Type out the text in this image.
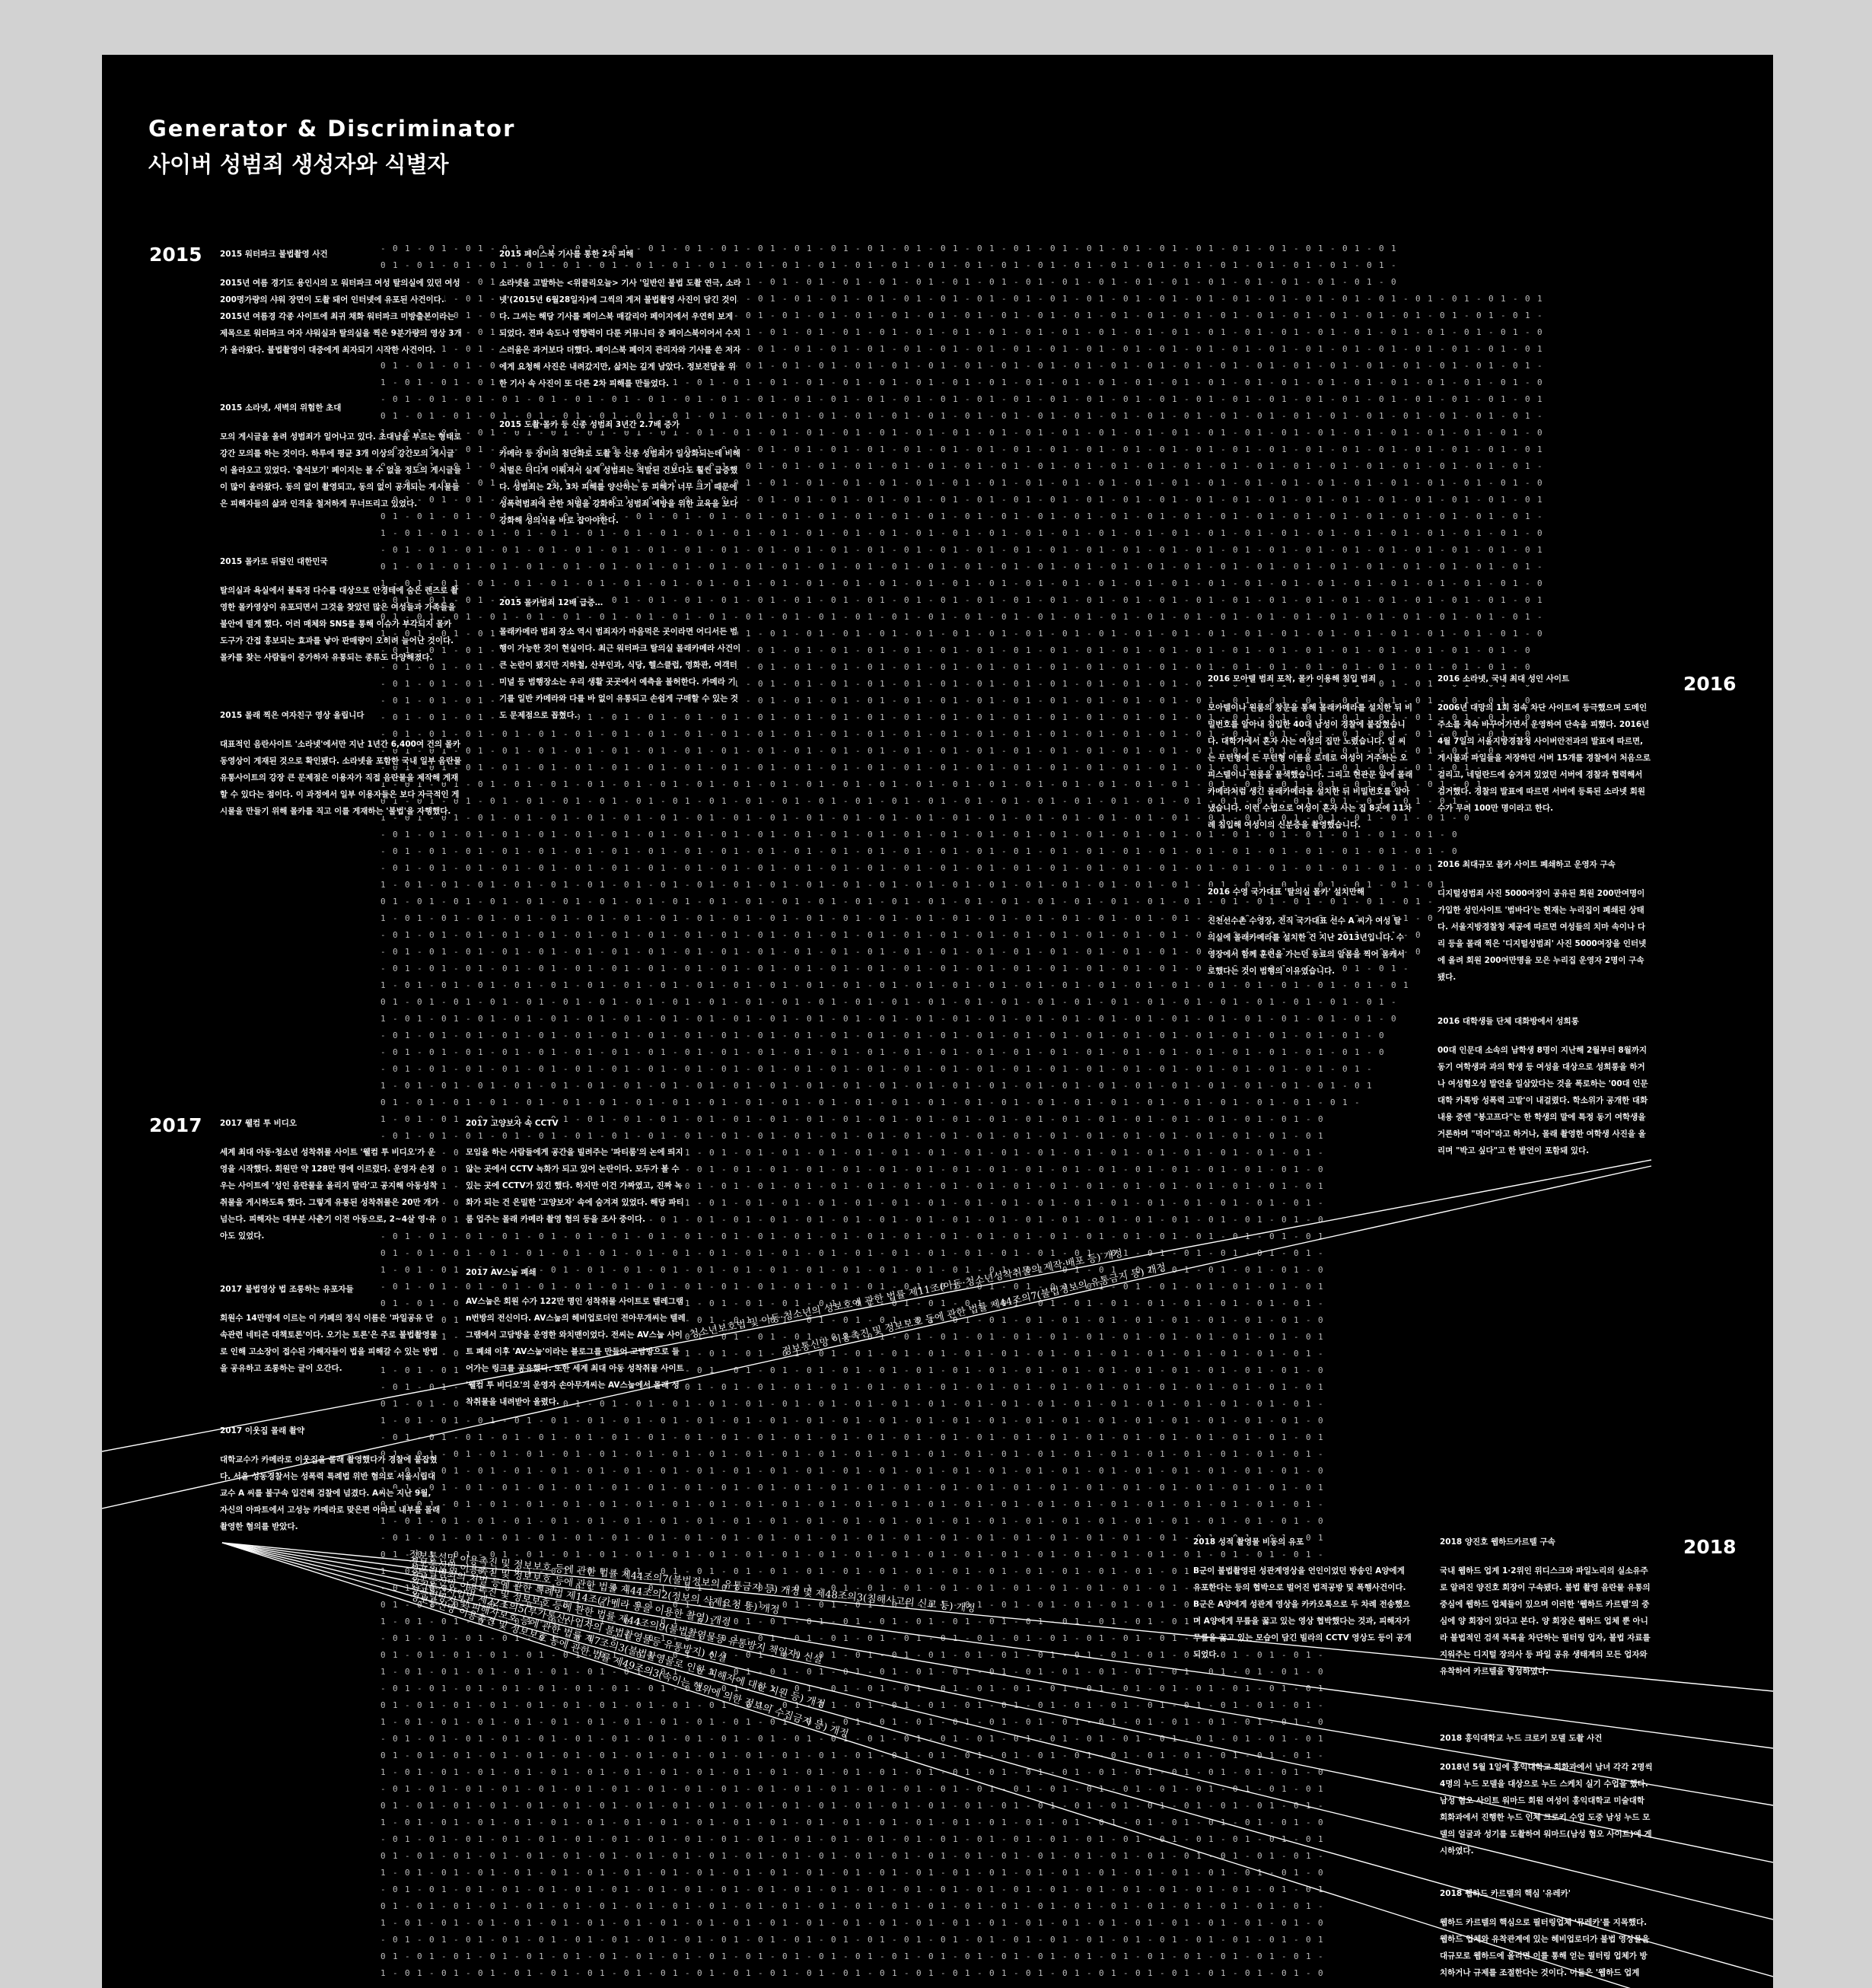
- 0 1 - 0 1 - 0 1 -	- 0 1 - 0 1 - 0 1 - 0 1 - 0 1 - 0 1 - 0 1 - 0 1 - 0 1 - 0 1 - 0 1 - 0 1 - 0 1 - 0 1 - 0 1 - 0 1 - 0 1 - 0 1 - 0 1 - 0 1 - 0 1
0 1 - 0 1 - 0 1 - 0 1 - 0 1 - 0 1 - 0 1 - 0 1 - 0 1 - 0 1 - 0 1 - 0 1 - 0 1 - 0 1 - 0 1 - 0 1 - 0 1 - 0 1 - 0 1 - 0 1 - 0 1 - 0 1 - 0 1 - 0 1 - 0 1 - 0 1 - 0 1 - 0 1 -
- 0 1	1 - 0 1 - 0 1 - 0 1 - 0 1 - 0 1 - 0 1 - 0 1 - 0 1 - 0 1 - 0 1 - 0 1 - 0 1 - 0 1 - 0 1 - 0 1 - 0 1 - 0 1 - 0
- 0 1 -	- 0 1 - 0 1 - 0 1 - 0 1 - 0 1 - 0 1 - 0 1 - 0 1 - 0 1 - 0 1 - 0 1 - 0 1 - 0 1 - 0 1 - 0 1 - 0 1 - 0 1 - 0 1 - 0 1 - 0 1 - 0 1 - 0 1
0 1 - 0	- 0 1 - 0 1 - 0 1 - 0 1 - 0 1 - 0 1 - 0 1 - 0 1 - 0 1 - 0 1 - 0 1 - 0 1 - 0 1 - 0 1 - 0 1 - 0 1 - 0 1 - 0 1 - 0 1 - 0 1 - 0 1 - 0 1 -
- 0 1	1 - 0 1 - 0 1 - 0 1 - 0 1 - 0 1 - 0 1 - 0 1 - 0 1 - 0 1 - 0 1 - 0 1 - 0 1 - 0 1 - 0 1 - 0 1 - 0 1 - 0 1 - 0 1 - 0 1 - 0 1 - 0 1 - 0
1 - 0 1 -	- 0 1 - 0 1 - 0 1 - 0 1 - 0 1 - 0 1 - 0 1 - 0 1 - 0 1 - 0 1 - 0 1 - 0 1 - 0 1 - 0 1 - 0 1 - 0 1 - 0 1 - 0 1 - 0 1 - 0 1 - 0 1 - 0 1
0 1 - 0 1 - 0 1 - 0	- 0 1 - 0 1 - 0 1 - 0 1 - 0 1 - 0 1 - 0 1 - 0 1 - 0 1 - 0 1 - 0 1 - 0 1 - 0 1 - 0 1 - 0 1 - 0 1 - 0 1 - 0 1 - 0 1 - 0 1 - 0 1 - 0 1 -
1 - 0 1 - 0 1 - 0 1	1 - 0 1 - 0 1 - 0 1 - 0 1 - 0 1 - 0 1 - 0 1 - 0 1 - 0 1 - 0 1 - 0 1 - 0 1 - 0 1 - 0 1 - 0 1 - 0 1 - 0 1 - 0 1 - 0 1 - 0 1 - 0 1 - 0 1 - 0 1 - 0
- 0 1 - 0 1 - 0 1 - 0 1 - 0 1 - 0 1 - 0 1 - 0 1 - 0 1 - 0 1 - 0 1 - 0 1 - 0 1 - 0 1 - 0 1 - 0 1 - 0 1 - 0 1 - 0 1 - 0 1 - 0 1 - 0 1 - 0 1 - 0 1 - 0 1 - 0 1 - 0 1 - 0 1 - 0 1 - 0 1 - 0 1 - 0 1
0 1 - 0 1 - 0 1 - 0 1 - 0 1 - 0 1 - 0 1 - 0 1 - 0 1 - 0 1 - 0 1 - 0 1 - 0 1 - 0 1 - 0 1 - 0 1 - 0 1 - 0 1 - 0 1 - 0 1 - 0 1 - 0 1 - 0 1 - 0 1 - 0 1 - 0 1 - 0 1 - 0 1 - 0 1 - 0 1 - 0 1 - 0 1 -
- 0 1 - 0 1 - 0 1 - 0 1 - 0 1 - 0 1 - 0 1 - 0 1 - 0 1 - 0 1 - 0 1 - 0 1 - 0 1 - 0 1 - 0 1 - 0 1 - 0 1 - 0 1 - 0 1 - 0 1 - 0 1 - 0 1 - 0 1 - 0 1 - 0 1 - 0 1 - 0 1 - 0 1 - 0 1 - 0
- 0 1 -	- 0 1 - 0 1 - 0 1 - 0 1 - 0 1 - 0 1 - 0 1 - 0 1 - 0 1 - 0 1 - 0 1 - 0 1 - 0 1 - 0 1 - 0 1 - 0 1 - 0 1 - 0 1 - 0 1 - 0 1 - 0 1 - 0 1
1 - 0	0 1 - 0 1 - 0 1 - 0 1 - 0 1 - 0 1 - 0 1 - 0 1 - 0 1 - 0 1 - 0 1 - 0 1 - 0 1 - 0 1 - 0 1 - 0 1 - 0 1 - 0 1 - 0 1 - 0 1 - 0 1 - 0 1 -
- 0 1	1 - 0 1 - 0 1 - 0 1 - 0 1 - 0 1 - 0 1 - 0 1 - 0 1 - 0 1 - 0 1 - 0 1 - 0 1 - 0 1 - 0 1 - 0 1 - 0 1 - 0 1 - 0 1 - 0 1 - 0 1 - 0 1 - 0
- 0 1 - 0 1 -	- 0 1 - 0 1 - 0 1 - 0 1 - 0 1 - 0 1 - 0 1 - 0 1 - 0 1 - 0 1 - 0 1 - 0 1 - 0 1 - 0 1 - 0 1 - 0 1 - 0 1 - 0 1 - 0 1 - 0 1 - 0 1 - 0 1
0 1 - 0 1 - 0 1 - 0	- 0 1 - 0 1 - 0 1 - 0 1 - 0 1 - 0 1 - 0 1 - 0 1 - 0 1 - 0 1 - 0 1 - 0 1 - 0 1 - 0 1 - 0 1 - 0 1 - 0 1 - 0 1 - 0 1 - 0 1 - 0 1 - 0 1 - 0 1 - 0 1 - 0 1 -
1 - 0 1 - 0 1 - 0 1 - 0 1 - 0 1 - 0 1 - 0 1 - 0 1 - 0 1 - 0 1 - 0 1 - 0 1 - 0 1 - 0 1 - 0 1 - 0 1 - 0 1 - 0 1 - 0 1 - 0 1 - 0 1 - 0 1 - 0 1 - 0 1 - 0 1 - 0 1 - 0 1 - 0 1 - 0 1 - 0 1 - 0 1 - 0
- 0 1 - 0 1 - 0 1 - 0 1 - 0 1 - 0 1 - 0 1 - 0 1 - 0 1 - 0 1 - 0 1 - 0 1 - 0 1 - 0 1 - 0 1 - 0 1 - 0 1 - 0 1 - 0 1 - 0 1 - 0 1 - 0 1 - 0 1 - 0 1 - 0 1 - 0 1 - 0 1 - 0 1 - 0 1 - 0 1 - 0 1 - 0 1
0 1 - 0 1 - 0 1 - 0 1 - 0 1 - 0 1 - 0 1 - 0 1 - 0 1 - 0 1 - 0 1 - 0 1 - 0 1 - 0 1 - 0 1 - 0 1 - 0 1 - 0 1 - 0 1 - 0 1 - 0 1 - 0 1 - 0 1 - 0 1 - 0 1 - 0 1 - 0 1 - 0 1 - 0 1 - 0 1 - 0 1 - 0 1 -
1 - 0 1 - 0 1 - 0 1 - 0 1 - 0 1 - 0 1 - 0 1 - 0 1 - 0 1 - 0 1 - 0 1 - 0 1 - 0 1 - 0 1 - 0 1 - 0 1 - 0 1 - 0 1 - 0 1 - 0 1 - 0 1 - 0 1 - 0 1 - 0 1 - 0 1 - 0 1 - 0 1 - 0 1 - 0 1 - 0 1 - 0 1 - 0
- 0 1 - 0 1 - 0 1 -	0 1 - 0 1 - 0 1 - 0 1 - 0 1 - 0 1 - 0 1 - 0 1 - 0 1 - 0 1 - 0 1 - 0 1 - 0 1 - 0 1 - 0 1 - 0 1 - 0 1 - 0 1 - 0 1 - 0 1 - 0 1 - 0 1 - 0 1 - 0 1 - 0 1 - 0 1
0 1 - 0 1 - 0 1 - 0 1 - 0 1 - 0 1 - 0 1 - 0 1 - 0 1 - 0 1 - 0 1 - 0 1 - 0 1 - 0 1 - 0 1 - 0 1 - 0 1 - 0 1 - 0 1 - 0 1 - 0 1 - 0 1 - 0 1 - 0 1 - 0 1 - 0 1 - 0 1 - 0 1 - 0 1 - 0 1 - 0 1 - 0 1 -
1 - 0 1 - 0 1 - 0 1	1 - 0 1 - 0 1 - 0 1 - 0 1 - 0 1 - 0 1 - 0 1 - 0 1 - 0 1 - 0 1 - 0 1 - 0 1 - 0 1 - 0 1 - 0 1 - 0 1 - 0 1 - 0 1 - 0 1 - 0 1 - 0 1 - 0
- 0 1 - 0 1 - 0 1 -	- 0 1 - 0 1 - 0 1 - 0 1 - 0 1 - 0 1 - 0 1 - 0 1 - 0 1 - 0 1 - 0 1 - 0 1 - 0 1 - 0 1 - 0 1 - 0 1 - 0 1 - 0 1 - 0 1 - 0 1 - 0 1 - 0
- 0 1 - 0 1 - 0 1 -	- 0 1 - 0 1 - 0 1 - 0 1 - 0 1 - 0 1 - 0 1 - 0 1 - 0 1 - 0 1 - 0 1 - 0 1 - 0 1 - 0 1 - 0 1 - 0 1 - 0 1 - 0 1 - 0 1 - 0 1 - 0 1 - 0
- 0 1 - 0 1 - 0 1 -	1 - 0 1 - 0 1 - 0 1 - 0 1 - 0 1 - 0 1 - 0 1 - 0 1 - 0 1 - 0 1 - 0 1 - 0 1 - 0	0 1 - 0 1
- 0 1 - 0 1 - 0 1 -	- 0 1 - 0 1 - 0 1 - 0 1 - 0 1 - 0 1 - 0 1 - 0 1 - 0 1 - 0 1 - 0 1 - 0 1 - 0 1 - 0 1 - 0 1 - 0 1 - 0 1 - 0 1 - 0 1 - 0 1 - 0 1 - 0
- 0 1 - 0 1 - 0 1 -	0 1 - 0 1 - 0 1 - 0 1 - 0 1 - 0 1 - 0 1 - 0 1 - 0 1 - 0 1 - 0 1 - 0 1 - 0 1 - 0 1 - 0 1 - 0 1 - 0 1 - 0 1 - 0 1 - 0 1 - 0 1 - 0 1 - 0 1 - 0 1 - 0 1 - 0 1 - 0
- 0 1 - 0 1 - 0 1 - 0 1 - 0 1 - 0 1 - 0 1 - 0 1 - 0 1 - 0 1 - 0 1 - 0 1 - 0 1 - 0 1 - 0 1 - 0 1 - 0 1 - 0 1 - 0 1 - 0 1 - 0 1 - 0 1 - 0 1 - 0 1 - 0 1 - 0 1 - 0 1 - 0 1 - 0 1 - 0 1 - 0 1 - 0
- 0 1 - 0 1 - 0 1 - 0 1 - 0 1 - 0 1 - 0 1 - 0 1 - 0 1 - 0 1 - 0 1 - 0 1 - 0 1 - 0 1 - 0 1 - 0 1 - 0 1 - 0 1 - 0 1 - 0 1 - 0 1 - 0 1 - 0 1 - 0 1 - 0 1 - 0 1 - 0 1 - 0 1 - 0 1 - 0 1 - 0
- 0 1 - 0 1 - 0 1 - 0 1 - 0 1 - 0 1 - 0 1 - 0 1 - 0 1 - 0 1 - 0 1 - 0 1 - 0 1 - 0 1 - 0 1 - 0 1 - 0 1 - 0 1 - 0 1 - 0 1 - 0 1 - 0 1 - 0 1 - 0 1 - 0 1 - 0 1 - 0 1 - 0 1 - 0 1 - 0 1 -
1 - 0 1 - 0 1 - 0 1 - 0 1 - 0 1 - 0 1 - 0 1 - 0 1 - 0 1 - 0 1 - 0 1 - 0 1 - 0 1 - 0 1 - 0 1 - 0 1 - 0 1 - 0 1 - 0 1 - 0 1 - 0 1 - 0 1 - 0 1 - 0 1 - 0 1 - 0 1 - 0 1 - 0 1 - 0 1 - 0 1
0 1 - 0 1 - 0 1 - 0 1 - 0 1 - 0 1 - 0 1 - 0 1 - 0 1 - 0 1 - 0 1 - 0 1 - 0 1 - 0 1 - 0 1 - 0 1 - 0 1 - 0 1 - 0 1 - 0 1 - 0 1 - 0 1 - 0 1 - 0 1 - 0 1 - 0 1 - 0 1 - 0 1 - 0 1 - 0 1 -
1 - 0 1 - 0 1 - 0 1 - 0 1 - 0 1 - 0 1 - 0 1 - 0 1 - 0 1 - 0 1 - 0 1 - 0 1 - 0 1 - 0 1 - 0 1 - 0 1 - 0 1 - 0 1 - 0 1 - 0 1 - 0 1 - 0 1 - 0 1 - 0 1 - 0 1 - 0 1 - 0 1 - 0 1 - 0 1 - 0
- 0 1 - 0 1 - 0 1 - 0 1 - 0 1 - 0 1 - 0 1 - 0 1 - 0 1 - 0 1 - 0 1 - 0 1 - 0 1 - 0 1 - 0 1 - 0 1 - 0 1 - 0 1 - 0 1 - 0 1 - 0 1 - 0 1 - 0 1 - 0 1 - 0 1 - 0 1 - 0 1 - 0 1 - 0 1 - 0
- 0 1 - 0 1 - 0 1 - 0 1 - 0 1 - 0 1 - 0 1 - 0 1 - 0 1 - 0 1 - 0 1 - 0 1 - 0 1 - 0 1 - 0 1 - 0 1 - 0 1 - 0 1 - 0 1 - 0 1 - 0 1 - 0 1 - 0 1 - 0 1 - 0 1 - 0 1 - 0 1 - 0 1 - 0 1 - 0
- 0 1 - 0 1 - 0 1 - 0 1 - 0 1 - 0 1 - 0 1 - 0 1 - 0 1 - 0 1 - 0 1 - 0 1 - 0 1 - 0 1 - 0 1 - 0 1 - 0 1 - 0 1 - 0 1 - 0 1 - 0 1 - 0 1 - 0 1 - 0 1 - 0 1 - 0 1 - 0 1 - 0 1 - 0 1
1 - 0 1 - 0 1 - 0 1 - 0 1 - 0 1 - 0 1 - 0 1 - 0 1 - 0 1 - 0 1 - 0 1 - 0 1 - 0 1 - 0 1 - 0 1 - 0 1 - 0 1 - 0 1 - 0 1 - 0 1 - 0 1 - 0 1 - 0 1 - 0 1 - 0 1 - 0 1 - 0 1 - 0 1 - 0 1
0 1 - 0 1 - 0 1 - 0 1 - 0 1 - 0 1 - 0 1 - 0 1 - 0 1 - 0 1 - 0 1 - 0 1 - 0 1 - 0 1 - 0 1 - 0 1 - 0 1 - 0 1 - 0 1 - 0 1 - 0 1 - 0 1 - 0 1 - 0 1 - 0 1 - 0 1 - 0 1 - 0 1 - 0 1 -
1 - 0 1 - 0 1 - 0 1 - 0 1 - 0 1 - 0 1 - 0 1 - 0 1 - 0 1 - 0 1 - 0 1 - 0 1 - 0 1 - 0 1 - 0 1 - 0 1 - 0 1 - 0 1 - 0 1 - 0 1 - 0 1 - 0 1 -	1 - 0
- 0 1 - 0 1 - 0 1 - 0 1 - 0 1 - 0 1 - 0 1 - 0 1 - 0 1 - 0 1 - 0 1 - 0 1 - 0 1 - 0 1 - 0 1 - 0 1 - 0 1 - 0 1 - 0 1 - 0 1 - 0 1 - 0 1 - 0	- 0
- 0 1 - 0 1 - 0 1 - 0 1 - 0 1 - 0 1 - 0 1 - 0 1 - 0 1 - 0 1 - 0 1 - 0 1 - 0 1 - 0 1 - 0 1 - 0 1 - 0 1 - 0 1 - 0 1 - 0 1 - 0 1 - 0 1 - 0	- 0
- 0 1 - 0 1 - 0 1 - 0 1 - 0 1 - 0 1 - 0 1 - 0 1 - 0 1 - 0 1 - 0 1 - 0 1 - 0 1 - 0 1 - 0 1 - 0 1 - 0 1 - 0 1 - 0 1 - 0 1 - 0 1 - 0 1 - 0	0 1 - 0 1 -
1 - 0 1 - 0 1 - 0 1 - 0 1 - 0 1 - 0 1 - 0 1 - 0 1 - 0 1 - 0 1 - 0 1 - 0 1 - 0 1 - 0 1 - 0 1 - 0 1 - 0 1 - 0 1 - 0 1 - 0 1 - 0 1 - 0 1 - 0 1 - 0 1 - 0 1 - 0 1 - 0 1 - 0 1
0 1 - 0 1 - 0 1 - 0 1 - 0 1 - 0 1 - 0 1 - 0 1 - 0 1 - 0 1 - 0 1 - 0 1 - 0 1 - 0 1 - 0 1 - 0 1 - 0 1 - 0 1 - 0 1 - 0 1 - 0 1 - 0 1 - 0 1 - 0 1 - 0 1 - 0 1 - 0 1 - 0 1 -
1 - 0 1 - 0 1 - 0 1 - 0 1 - 0 1 - 0 1 - 0 1 - 0 1 - 0 1 - 0 1 - 0 1 - 0 1 - 0 1 - 0 1 - 0 1 - 0 1 - 0 1 - 0 1 - 0 1 - 0 1 - 0 1 - 0 1 - 0 1 - 0 1 - 0 1 - 0 1 - 0 1 - 0
- 0 1 - 0 1 - 0 1 - 0 1 - 0 1 - 0 1 - 0 1 - 0 1 - 0 1 - 0 1 - 0 1 - 0 1 - 0 1 - 0 1 - 0 1 - 0 1 - 0 1 - 0 1 - 0 1 - 0 1 - 0 1 - 0 1 - 0 1 - 0 1 - 0 1 - 0 1 - 0 1 - 0
- 0 1 - 0 1 - 0 1 - 0 1 - 0 1 - 0 1 - 0 1 - 0 1 - 0 1 - 0 1 - 0 1 - 0 1 - 0 1 - 0 1 - 0 1 - 0 1 - 0 1 - 0 1 - 0 1 - 0 1 - 0 1 - 0 1 - 0 1 - 0 1 - 0 1 - 0 1 - 0 1 - 0
- 0 1 - 0 1 - 0 1 - 0 1 - 0 1 - 0 1 - 0 1 - 0 1 - 0 1 - 0 1 - 0 1 - 0 1 - 0 1 - 0 1 - 0 1 - 0 1 - 0 1 - 0 1 - 0 1 - 0 1 - 0 1 - 0 1 - 0 1 - 0 1 - 0 1 - 0 1 - 0 1 -
1 - 0 1 - 0 1 - 0 1 - 0 1 - 0 1 - 0 1 - 0 1 - 0 1 - 0 1 - 0 1 - 0 1 - 0 1 - 0 1 - 0 1 - 0 1 - 0 1 - 0 1 - 0 1 - 0 1 - 0 1 - 0 1 - 0 1 - 0 1 - 0 1 - 0 1 - 0 1 - 0 1
0 1 - 0 1 - 0 1 - 0 1 - 0 1 - 0 1 - 0 1 - 0 1 - 0 1 - 0 1 - 0 1 - 0 1 - 0 1 - 0 1 - 0 1 - 0 1 - 0 1 - 0 1 - 0 1 - 0 1 - 0 1 - 0 1 - 0 1 - 0 1 - 0 1 - 0 1 - 0 1 -
1 - 0 1 - 0 1	1 - 0 1 - 0 1 - 0 1 - 0 1 - 0 1 - 0 1 - 0 1 - 0 1 - 0 1 - 0 1 - 0 1 - 0 1 - 0 1 - 0 1 - 0 1 - 0 1 - 0 1 - 0 1 - 0 1 - 0 1 - 0
- 0 1 - 0 1 - 0 1 - 0 1 - 0 1 - 0 1 - 0 1 - 0 1 - 0 1 - 0 1 - 0 1 - 0 1 - 0 1 - 0 1 - 0 1 - 0 1 - 0 1 - 0 1 - 0 1 - 0 1 - 0 1 - 0 1 - 0 1 - 0 1 - 0 1 - 0 1
- 0	1 - 0 1 - 0 1 - 0 1 - 0 1 - 0 1 - 0 1 - 0 1 - 0 1 - 0 1 - 0 1 - 0 1 - 0 1 - 0 1 - 0 1 - 0 1 - 0 1 - 0 1 -
0 1	- 0 1 - 0 1 - 0 1 - 0 1 - 0 1 - 0 1 - 0 1 - 0 1 - 0 1 - 0 1 - 0 1 - 0 1 - 0 1 - 0 1 - 0 1 - 0 1 - 0 1 - 0
1 -	0 1 - 0 1 - 0 1 - 0 1 - 0 1 - 0 1 - 0 1 - 0 1 - 0 1 - 0 1 - 0 1 - 0 1 - 0 1 - 0 1 - 0 1 - 0 1 - 0 1 - 0 1
- 0	1 - 0 1 - 0 1 - 0 1 - 0 1 - 0 1 - 0 1 - 0 1 - 0 1 - 0 1 - 0 1 - 0 1 - 0 1 - 0 1 - 0 1 - 0 1 - 0 1 - 0 1 -
0 1	- 0 1 - 0 1 - 0 1 - 0 1 - 0 1 - 0 1 - 0 1 - 0 1 - 0 1 - 0 1 - 0 1 - 0 1 - 0 1 - 0 1 - 0 1 - 0 1 - 0 1 - 0 1 - 0
- 0 1 - 0 1 - 0 1 - 0 1 - 0 1 - 0 1 - 0 1 - 0 1 - 0 1 - 0 1 - 0 1 - 0 1 - 0 1 - 0 1 - 0 1 - 0 1 - 0 1 - 0 1 - 0 1 - 0 1 - 0 1 - 0 1 - 0 1 - 0 - 0 1 - 0 1
0 1 - 0 1 - 0 1 - 0 1 - 0 1 - 0 1 - 0 1 - 0 1 - 0 1 - 0 1 - 0 1 - 0 1 - 0 1 - 0 1 - 0 1 - 0 1 - 0 1 - 0 1 - 0 1 - 0 1 - 0 1 - 0 1 - 0 1 - 0 1 - 0 1 - 0 1 -
1 - 0 1 - 0 1	- 0 1 - 0 1 - 0 1 - 0 1 - 0 1 - 0 1 - 0 1 - 0 1 - 0 1 - 0 1 - 0 1 - 0 1 - 0 1 - 0 1 - 1 - 0 1 - 0 1 - 0 1 - 0 1 - 0 1 - 0 1 - 0
- 0 1 - 0 1 - 0 1 - 0 1 - 0 1 - 0 1 - 0 1 - 0 1 - 0 1 - 0 1 - 0 1 - 0 1 - 0 1 - 0 1 - 0 1 - 0 1 - 1 - 0 1 - 0 1 - 0 1 - 0 1 - 0 1 - 0 1 - 0 1 - 0 1 - 0 1
0 1 - 0 1 - 0	1 - 0 1 - 0 1 - 0 1 - 0 1 - 0 1 - 0 1 - 0 1 - 0 1 - 0 1 0 1 - 0 1 - 0 1 - 0 1 - 0 1 - 0 1 - 0 1 - 0 1 -
0 1	- 0 1 - 0 1 - 0 1 0 1 - 0 1 - 0 1 - 0 1 - 1 - 0 1 - 0 1 - 0 1 - 0 1 - 0 1 - 0 1 - 0 1 - 0 1 - 0 1 - 0
1 -	0 1 0 1 - 0 1 - 0 1 - 0 1 - 0 1 - 0 1 - 0 1 - 0 1 - 0 1 - 0 1 - 0 1 - 0 1 - 0 1 - 0 1 - 0 1 - 0 1 - 0 1
- 0	1 - 0 1 - 0 1 - 0 1 - 0 1 - 0 1 - 0 1 - 0 1 - 0 1 - 0 1 - 0 1 - 0 1 - 0 1 - 0 1 - 0 1 - 0 1 - 0 1 - 0 1 -
1 - 0 1 - 0 1	- 0 1 - 0 1 - 0 1 - 0 1 - 0 1 - 0 1 - 0 1 - 0 1 - 0 1 - 0 1 - 0 1 - 0 1 - 0 1 - 0 1 - 0 1 - 0 1 - 0 1 - 0
- 0 1 - 0 -	0 1 - 0 1 - 0 1 - 0 1 - 0 1 - 0 1 - 0 1 - 0 1 - 0 1 - 0 1 - 0 1 - 0 1 - 0 1 - 0 1 - 0 1 - 0 1 - 0 1 - 0 1
0 1 - 0 1 - 0	0 - 0 1 - 0 1 - 0 1 - 0 1 - 0 1 - 0 1 - 0 1 - 0 1 - 0 1 - 0 1 - 0 1 - 0 1 - 0 1 - 0 1 - 0 1 - 0 1 - 0 1 - 0 1 - 0 1 - 0 1 -
1 - 0 1 - 0 1 - 0 1 - 0 1 - 0 1 - 0 1 - 0 1 - 0 1 - 0 1 - 0 1 - 0 1 - 0 1 - 0 1 - 0 1 - 0 1 - 0 1 - 0 1 - 0 1 - 0 1 - 0 1 - 0 1 - 0 1 - 0 1 - 0 1 - 0 1 - 0
- 0 1 - 0 1 - 0 1 - 0 1 - 0 1 - 0 1 - 0 1 - 0 1 - 0 1 - 0 1 - 0 1 - 0 1 - 0 1 - 0 1 - 0 1 - 0 1 - 0 1 - 0 1 - 0 1 - 0 1 - 0 1 - 0 1 - 0 1 - 0 1 - 0 1 - 0 1
0 1 - 0 1 - 0 1 - 0 1 - 0 1 - 0 1 - 0 1 - 0 1 - 0 1 - 0 1 - 0 1 - 0 1 - 0 1 - 0 1 - 0 1 - 0 1 - 0 1 - 0 1 - 0 1 - 0 1 - 0 1 - 0 1 - 0 1 - 0 1 - 0 1 - 0 1 -
1 - 0 1 - 0 1 - 0 1 - 0 1 - 0 1 - 0 1 - 0 1 - 0 1 - 0 1 - 0 1 - 0 1 - 0 1 - 0 1 - 0 1 - 0 1 - 0 1 - 0 1 - 0 1 - 0 1 - 0 1 - 0 1 - 0 1 - 0 1 - 0 1 - 0 1 - 0
- 0 1 - 0 1 - 0 1 - 0 1 - 0 1 - 0 1 - 0 1 - 0 1 - 0 1 - 0 1 - 0 1 - 0 1 - 0 1 - 0 1 - 0 1 - 0 1 - 0 1 - 0 1 - 0 1 - 0 1 - 0 1 - 0 1 - 0 1 - 0 1 - 0 1 - 0 1
0 1 - 0 1 - 0 1 - 0 1 - 0 1 - 0 1 - 0 1 - 0 1 - 0 1 - 0 1 - 0 1 - 0 1 - 0 1 - 0 1 - 0 1 - 0 1 - 0 1 - 0 1 - 0 1 - 0 1 - 0 1 - 0 1 - 0 1 - 0 1 - 0 1 - 0 1 -
1 - 0 1 - 0 1 - 0 1 - 0 1 - 0 1 - 0 1 - 0 1 - 0 1 - 0 1 - 0 1 - 0 1 - 0 1 - 0 1 - 0 1 - 0 1 - 0 1 - 0 1 - 0 1 - 0 1 - 0 1 - 0 1 - 0 1 - 0 1 - 0 1 - 0 1 - 0
- 0 1 - 0 1 - 0 1 - 0 1 - 0 1 - 0 1 - 0 1 - 0 1 - 0 1 - 0 1 - 0 1 - 0 1 - 0 1 - 0 1 - 0 1 - 0 1 - 0 1 - 0 1 - 0 1 - 0 1 - 0 1 - 0 1 -	0 1
0 1 - 0 1 - 0 1 - 0 1 - 0 1 - 0 1 - 0 1 - 0 1 - 0 1 - 0 1 - 0 1 - 0 1 - 0 1 - 0 1 - 0 1 - 0 1 - 0 1 - 0 1 - 0 1 - 0 1 - 0 1 - 0 1 - 0 1 - 0 1 - 0 1 - 0 1 -
1 - 0 1 - 0 1 - 0 1 - 1 - 0 1 - 0 1 - 0 1 - 0 1 - 0 1 - 0 1 - 0 1 - 0 1 - 0 1 - 0 1 - 0 1 - 0 1 - 0 1 - 0 1 - 0 1 - 0 1 - 0 1 - 0 1
0 - 0 - 0 1 0 1 - 0 1 0 1 - 0 1 - 0 1 - 0 - 0 1 - 0 1 - 0 1 - 0 1 - 0 1 - 0 1 - 0 1 - 0 1 - 0 1 - 0 1 - 0 1 - 0 1 - 0 1 -
0 1 - 1 0 1 - 0 1 - 0 1 - 0 1 0 1 - 0 1 - 0 - 0 1 - 0 1 - 0 1 - 0 1 - 0 - 0 1 - 0 1 - 0 1 - 0 1 - 0 1 - 0 1 - 0 1 - 0 1 - 0
1 - 0 1 - 0 1 - 0 1 0 1 - 0 1 - 0 - 0 1 - 0 1 0 1 - 0 1 - 0 1 - 0 1 - 0 1 - 0 1 - 0 1 - 0 1 - 0 1 - 0 - 0 1 - 0 1 - 0 1 - 0 1
- 0 1 - 0 1 - 0 1 - 0 1 - 0 1 0 1 - 1 - 0 1 - 1 - 0 1 - 0 1 0 1 - 0 1 - 0 1 - 0 1 - 1 - 0 1 - 0 1 - 0 1 - 0 1 - 0 1 - 0 1 -
0 1 - 0 1 - 0 1 - 0 1 - 0 1 - 0 - 0 1 - 0 1 - 0 1 - 0 1 - 0 1 - 0 1 - 0 1 - 0 1 0 1 - 0 1 - 0 1 - 0 1 - 0 1 - 0 1 - 0 1 - 0 1 - 0	0 1 - 0 1 - 0 1 -
1 - 0 1 - 0 1 - 0 1 - 0 1 - 0 1 - 0 1 - 0 1 - 0 1 - 0 1 - 0 1 - 0 1 - 0 1 - 1 - 0 1 - 0 1 - 0 1 - 0 1 - 0 1 - 0 1 - 0 1 - 0 1 - 0 1 0 1 - 0 1 - 0 1 - 0
- 0 1 - 0 1 - 0 1 - 0 1 - 0 1 - 0 1 - 0 1 - 0 1 - 0 1 - 0 1 - 0 1 - 0 1 0 1 - 0 1 - 0 1 0 1 - 0 1 - 0 1 - 0 1 - 0 1 - 0 1 - 0 1 - 0 1 - 0 1 - 0 1 - 0
0 1 - 0 1 - 0 1 - 0 1 - 0 1 - 0 1 - 0 1 - 0 1 - 0 1 - 0 1 0 1 - 0 1 - 0 1 - 0 1 - 0 1 - 0 1 - 0 1 - 0 1 - 0 1 - 0 1 - 0 1 - 0 1 - 0 1 - 0 1 - 0 1 - 0 1 -
1 - 0 1 - 0 1 - 0 1 - 0 1 - 0 1 - 0 1 - 0 1 - 0 1 - 0 1 - 0 1 - 0 1 - 0 1 - 0 1 - 0 1 - 0 1 - 0 1 - 0 1 - 0 1 - 0 1 0 1 - 0 1 - 0 1 - 0 1 - 0 1 - 1 - 0
- 0 1 - 0 1 - 0 1 - 0 1 - 0 1 - 0 1 - 0 1 - 0 1 - 0 1 - 0 1 - 0 1 - 0 1 - 0 1 - 0 1 - 0 1 - 0 1 - 0 1 - 0 - 0 1 - 0 1 - 0 1 - 0 - 0 1 - 0 1 - 0 1 - 0 1
0 1 - 0 1 - 0 1 - 0 1 - 0 1 - 0 1 - 0 1 - 0 1 - 0 1 - 0 1 - 0 1 - 0 1 - 0 1 - 0 1 - 1 - 0 1 - 0 1 - 0 1 - 0 1 - 0 1 - 0 1 - 0 1 - 0 1 - 0 1 - 0 1 - 0 1 -
1 - 0 1 - 0 1 - 0 1 - 0 1 - 0 1 - 0 1 - 0 1 - 0 1 - 0 1 - 0 1 - 0 1 - 0 1 - 0 1 - 0 1 - 0 1 - 0 1 - 0 1 - 0 1 - 0 1 - 0 1 - 0 1 - 0 1 - 0 1 - 0 1 - 0 1 - 0
- 0 1 - 0 1 - 0 1 - 0 1 - 0 1 - 0 1 - 0 1 - 0 1 - 0 1 - 0 1 - 0 1 - 0 1 - 0 1 - 0 1 - 0 1 - 0 1 - 0 1 - 0 1 - 0 1 - 0 - 0 1 - 0 1 - 0 1 - 1 - 0 1 - 0 1
0 1 - 0 1 - 0 1 - 0 1 - 0 1 - 0 1 - 0 1 - 0 1 - 0 1 - 0 1 - 0 1 - 0 1 - 0 1 - 0 1 - 0 1 - 0 1 - 0 1 - 0 1 - 0 - 0 1 - 0 1 - 0 - 0 1 - 0 1 - 0 1 - 0 1 -
1 - 0 1 - 0 1 - 0 1 - 0 1 - 0 1 - 0 1 - 0 1 - 0 1 - 0 1 - 0 1 - 0 1 - 0 1 - 0 1 - 0 1 - 0 1 - 0 1 - 0 1 - 0 1 - 0 1 - 0 1 - 0 1 - 0 1 - 0 - 0 1 - 0 1 - 0
- 0 1 - 0 1 - 0 1 - 0 1 - 0 1 - 0 1 - 0 1 - 0 1 - 0 1 - 0 1 - 0 1 - 0 1 - 0 1 - 0 1 - 0 1 - 0 1 - 0 1 - 0 1 - 0 1 - 0 1 - 0 1 - 0 1 - 0 1 - 0 1 - 0 1 - 0 1
0 1 - 0 1 - 0 1 - 0 1 - 0 1 - 0 1 - 0 1 - 0 1 - 0 1 - 0 1 - 0 1 - 0 1 - 0 1 - 0 1 - 0 1 - 0 1 - 0 1 - 0 1 - 0 1 - 0 1 - 0 1 - 0 1 - 0 1 0 1 - 0 1 - 0 1 -
1 - 0 1 - 0 1 - 0 1 - 0 1 - 0 1 - 0 1 - 0 1 - 0 1 - 0 1 - 0 1 - 0 1 - 0 1 - 0 1 - 0 1 - 0 1 - 0 1 - 0 1 - 0 1 - 0 1 - 0 1 - 0 1 - 0 1 - 0 1 - 0 1 - 0 1 - 0
- 0 1 - 0 1 - 0 1 - 0 1 - 0 1 - 0 1 - 0 1 - 0 1 - 0 1 - 0 1 - 0 1 - 0 1 - 0 1 - 0 1 - 0 1 - 0 1 - 0 1 - 0 1 - 0 1 - 0 1 - 0 1 - 0 1 - 0 1 - 0 1 - 0 1 - 0 1
0 1 - 0 1 - 0 1 - 0 1 - 0 1 - 0 1 - 0 1 - 0 1 - 0 1 - 0 1 - 0 1 - 0 1 - 0 1 - 0 1 - 0 1 - 0 1 - 0 1 - 0 1 - 0 1 - 0 1 - 0 1 - 0 1 - 0 1 - 0 1 - 0 1 - 0 1 -
1 - 0 1 - 0 1 - 0 1 - 0 1 - 0 1 - 0 1 - 0 1 - 0 1 - 0 1 - 0 1 - 0 1 - 0 1 - 0 1 - 0 1 - 0 1 - 0 1 - 0 1 - 0 1 - 0 1 - 0 1 - 0 1 - 0 1 - 0 1 - 0 1 - 0 1 - 0
- 0 1 - 0 1 - 0 1 - 0 1 - 0 1 - 0 1 - 0 1 - 0 1 - 0 1 - 0 1 - 0 1 - 0 1 - 0 1 - 0 1 - 0 1 - 0 1 - 0 1 - 0 1 - 0 1 - 0 1 - 0 1 - 0 1 - 0 1 - 0 1 - 0 1 - 0 1
0 1 - 0 1 - 0 1 - 0 1 - 0 1 - 0 1 - 0 1 - 0 1 - 0 1 - 0 1 - 0 1 - 0 1 - 0 1 - 0 1 - 0 1 - 0 1 - 0 1 - 0 1 - 0 1 - 0 1 - 0 1 - 0 1 - 0 1 - 0 1 - 0 1 - 0 1 -
1 - 0 1 - 0 1 - 0 1 - 0 1 - 0 1 - 0 1 - 0 1 - 0 1 - 0 1 - 0 1 - 0 1 - 0 1 - 0 1 - 0 1 - 0 1 - 0 1 - 0 1 - 0 1 - 0 1 - 0 1 - 0 1 - 0 1 - 0 1 - 0 1 - 0 1 - 0
Generator & Discriminator
사이버 성범죄 생성자와 식별자
2015
2016
2017
2018
2015 워터파크 불법촬영 사건
2015년 여름 경기도 용인시의 모 워터파크 여성 탈의실에 있던 여성 200명가량의 샤워 장면이 도촬 돼어 인터넷에 유포된 사건이다. 2015년 여름경 각종 사이트에 최귀 채화 워터파크 미방출본이라는 제목으로 워터파크 여자 샤워실과 탈의실을 찍은 9분가량의 영상 3개가 올라왔다. 불법촬영이 대중에게 최자되기 시작한 사건이다.
2015 소라넷, 새벽의 위험한 초대
모의 게시글을 올려 성범죄가 일어나고 있다. 초대남을 부르는 형태로 강간 모의를 하는 것이다. 하루에 평균 3개 이상의 강간모의 게시글이 올라오고 있었다. '출석보기' 페이지는 볼 수 없을 정도의 게시글들이 많이 올라왔다. 동의 없이 촬영되고, 동의 없이 공개되는 게시물들은 피해자들의 삶과 인격을 철저하게 무너뜨리고 있었다.
2015 몰카로 뒤덮인 대한민국
탈의실과 욕실에서 볼록정 다수를 대상으로 안경테에 숨은 렌즈로 촬영한 몰카영상이 유포되면서 그것을 찾았던 많은 여성들과 가족들을 불안에 떨게 했다. 어러 매체와 SNS를 통해 이슈가 부각되지 몰카 도구가 간접 홍보되는 효과를 낳아 판매량이 오히려 늘어난 것이다. 몰카를 찾는 사람들이 증가하자 유통되는 종류도 다양해졌다.
2015 몰래 찍은 여자친구 영상 올립니다
대표적인 음란사이트 '소라넷'에서만 지난 1년간 6,400여 건의 몰카 동영상이 게재된 것으로 확인됐다. 소라넷을 포함한 국내 일부 음란물 유통사이트의 강장 큰 문제점은 이용자가 직접 음란물을 제작해 게재할 수 있다는 점이다. 이 과정에서 일부 이용자들은 보다 자극적인 게시물을 만들기 위해 몰카를 직고 이를 게재하는 '불법'을 자행했다.
2015 페이스북 기사를 통한 2차 피해
소라넷을 고발하는 <위클리오늘> 기사 '일반인 불법 도촬 연극, 소라넷'(2015년 6월28일자)에 그씩의 게저 불법촬영 사진이 담긴 것이다. 그씨는 해당 기사를 페이스북 매갈리아 페이지에서 우연히 보게 되었다. 젼파 속도나 영향력이 다룬 커뮤니티 중 페이스북이어서 수치스러움은 과거보다 더했다. 페이스북 페이지 관리자와 기사를 쓴 저자에게 요청해 사진은 내려갔지만, 삶치는 깊게 남았다. 정보전달을 위한 기사 속 사진이 또 다른 2차 피해를 만들었다.
2015 도촬·몰카 등 신종 성범죄 3년간 2.7배 증가
카메라 등 장비의 첨단화로 도촬 등 신종 성범죄가 일상화되는데 비해 처벌은 더디게 이뤄져서 실제 성범죄는 적발된 건보다도 훨씬 급증했다. 성범죄는 2차, 3차 피해를 양산하는 등 피해가 너무 크기 때문에 성폭력범죄에 관한 처벌을 강화하고 성범죄 예방을 위한 교육을 보다 강화해 성의식을 바로 잡아야한다.
2015 몰카범죄 12배 급증…
몰래카메라 범죄 장소 역시 범죄자가 마음먹은 곳이라면 어디서든 범행이 가능한 것이 현실이다. 최근 워터파크 탈의실 몰래카메라 사건이 큰 논란이 됐지만 지하철, 산부인과, 식당, 헬스클럽, 영화관, 여객터미널 등 범행장소는 우리 생활 곳곳에서 예측을 불허한다. 카메라 기기를 일반 카메라와 다를 바 없이 유통되고 손쉽게 구매할 수 있는 것도 문제점으로 꼽혔다.
2016 모아텔 범죄 포착, 몰카 이용해 침입 범죄
모아텔이나 원룸의 창문을 통해 몰래카메라를 설치한 뒤 비밀번호를 알아내 침입한 40대 남성이 경찰에 붙잡혔습니다. 대학가에서 혼자 사는 여성의 집만 노렸습니다. 일 씨는 무턴형에 든 무턴형 이름을 로데로 여성이 거주하는 오피스텔이나 원룸을 물색했습니다. 그리고 현관문 앞에 몰래카메라처럼 생긴 몰래카메라를 설치한 뒤 비밀번호를 알아냈습니다. 이런 수법으로 여성이 혼자 사는 집 8곳에 11차례 침입해 여성이의 신분증을 촬영했습니다.
2016 수영 국가대표 '탈의실 몰카' 설치만해
진천선수촌 수영장, 전직 국가대표 선수 A 씨가 여성 탈의실에 몰래카메라를 설치한 건 지난 2013년입니다. 수영장에서 함께 훈련을 가는던 동료의 알몸을 찍어 몸캐서로했다는 것이 범행의 이유였습니다.
2016 소라넷, 국내 최대 성인 사이트
2006년 대망의 1회 접속 차단 사이트에 등극했으며 도메인 주소를 계속 바꾸어가면서 운영하여 단속을 피했다. 2016년 4월 7일의 서울지방경찰청 사이버안전과의 발표에 따르면, 게시물과 파일들을 저장하던 서버 15개를 경찰에서 처음으로 걸리고, 네덜란드에 숨겨져 있었던 서버에 경찰과 협력해서 검거했다. 경찰의 발표에 따르면 서버에 등록된 소라넷 회원 수가 무려 100만 명이라고 한다.
2016 최대규모 몰카 사이트 폐쇄하고 운영자 구속
디지털성범죄 사진 5000여장이 공유된 회원 200만여명이 가입한 성인사이트 '범바다'는 현재는 누리집이 폐쇄된 상태다. 서울지방경찰청 제공에 따르면 여성들의 치마 속이나 다리 등을 몰래 찍은 '디지털성범죄' 사진 5000여장을 인터넷에 올려 회원 200여만명을 모은 누리집 운영자 2명이 구속됐다.
2016 대학생들 단체 대화방에서 성희롱
00대 인문대 소속의 남학생 8명이 지난해 2월부터 8월까지 동기 여학생과 과의 학생 등 여성을 대상으로 성희롱을 하거나 여성혐오성 발언을 일삼았다는 것을 폭로하는 '00대 인문대학 카톡방 성폭력 고발'이 내걸렸다. 학소위가 공개한 대화 내용 중엔 "봉고프다"는 한 학생의 말에 특정 동기 여학생을 거론하며 "먹어"라고 하거나, 몰래 촬영한 여학생 사진을 올리며 "박고 싶다"고 한 발언이 포함돼 있다.
2017 웰컴 투 비디오
세계 최대 아동·청소년 성착취물 사이트 '웰컴 투 비디오'가 운영을 시작했다. 회원만 약 128만 명에 이르렀다. 운영자 손정우는 사이트에 '성인 음란물을 올리지 말라'고 공지해 아동성착취물을 게시하도록 했다. 그렇게 유통된 성착취물은 20만 개가 넘는다. 피해자는 대부분 사춘기 이전 아동으로, 2~4살 영·유아도 있었다.
2017 불법영상 법 조롱하는 유포자들
회원수 14만명에 이르는 이 카페의 정식 이름은 '파일공유 단속관련 네티즌 대책토론'이다. 오기는 토론'은 주로 불법촬영물로 인해 고소장이 접수된 가해자들이 법을 피해갈 수 있는 방법을 공유하고 조롱하는 글이 오간다.
2017 이웃집 몰래 촬약
대학교수가 카메라로 이웃집을 몰래 촬영했다가 경찰에 붙잡혔다. 서울 성동경찰서는 성폭력 특례법 위반 혐의로 서울시립대 교수 A 씨를 불구속 입건해 검찰에 넘겼다. A씨는 지난 9월, 자신의 아파트에서 고성능 카메라로 맞은편 아파트 내부를 몰래 촬영한 혐의를 받았다.
2017 고양보자 속 CCTV
모임을 하는 사람들에게 공간을 빌려주는 '파티룸'의 논에 띄지 않는 곳에서 CCTV 녹화가 되고 있어 논란이다. 모두가 볼 수 있는 곳에 CCTV가 있긴 했다. 하지만 이건 가짜였고, 진짜 녹화가 되는 건 은밀한 '고양보자' 속에 숨겨져 있었다. 해당 파티룸 업주는 몰래 카메라 촬영 혐의 등을 조사 중이다.
2017 AV스눕 폐쇄
AV스눕은 회원 수가 122만 명인 성착취물 사이트로 텔레그램 n번방의 전신이다. AV스눕의 헤비업로더인 전아무개씨는 텔레그램에서 고담방을 운영한 와치맨이었다. 전씨는 AV스눕 사이트 폐쇄 이후 'AV스눕'이라는 블로그를 만들어 고담방으로 들어가는 링크를 공유했다. 또한 세계 최대 아동 성착취물 사이트 '웰컴 투 비디오'의 운영자 손아무개씨는 AV스눕에서 몰래 성착취물을 내려받아 올렸다.
2018 성적 촬영물 비동의 유포
B군이 불법촬영된 성관계영상을 언인이었던 방송인 A양에게 유포한다는 등의 협박으로 벌어진 법적공방 및 폭행사건이다. B군은 A양에게 성관계 영상을 카카오톡으로 두 차례 전송했으며 A양에게 무릎을 꿇고 있는 영상 협박했다는 것과, 피해자가 무릎을 꿇고 있는 모습이 담긴 빌라의 CCTV 영상도 등이 공개되었다.
2018 양진호 웹하드카르텔 구속
국내 웹하드 업계 1·2위인 위디스크와 파일노리의 실소유주로 알려진 양진호 회장이 구속됐다. 불법 촬영 음란물 유통의 중심에 웹하드 업체들이 있으며 이러한 '웹하드 카르텔'의 중심에 양 회장이 있다고 본다. 양 회장은 웹하드 업체 뿐 아니라 불법적인 검색 목록을 차단하는 필터링 업자, 불법 자료를 지워주는 디지털 장의사 등 파일 공유 생태계의 모든 업자와 유착하여 카르텔을 형성하였다.
2018 홍익대학교 누드 크로키 모델 도촬 사건
2018년 5월 1일에 홍익대학교 회화과에서 남녀 각각 2명씩 4명의 누드 모델을 대상으로 누드 스케치 실기 수업을 했다. 남성 혐오 사이트 워마드 회원 여성이 홍익대학교 미술대학 회화과에서 진행한 누드 인체 수업 도중 남성 누드 모델의 얼굴과 성기를 도촬하여 워마드(남성 혐오 사이트)에 게시하였다.
2018 웹하드 카르텔의 핵심 '유레카'
웹하드 카르텔의 핵심으로 필터링업체 '뮤레카'를 지목했다. 웹하드 업체와 유착관계에 있는 헤비업로더가 불법 영상물을 대규모로 웹하드에 올리면 이를 통해 얻는 필터링 업체가 방치하거나 규제를 조절한다는 것이다. 이들은 '웹하드 업계
청소년보호법 및 아동·청소년의 성보호에 관한 법률 제11조(아동·청소년성착취물의 제작·배포 등) 개정
정보통신망 이용촉진 및 정보보호 등에 관한 법률 제44조의7(불법정보의 유통금지 등) 개정
정보통신망 이용촉진 및 정보보호 등에 관한 법률 제44조의7(불법정보의 유통금지 등) 개정 및 제48조의3(침해사고의 신고 등) 개정
정보통신망 이용촉진 및 정보보호 등에 관한 법률 제44조의2(정보의 삭제요청 등) 개정
성폭력범죄의 처벌 등에 관한 특례법 제14조(카메라 등을 이용한 촬영) 개정
정보통신망 이용촉진 및 정보보호 등에 관한 법률 제44조의9(불법촬영물등 유통방지 책임자) 신설
전기통신사업법 제22조의5(부가통신사업자의 불법촬영물등 유통방지) 신설
성폭력방지 및 피해자보호 등에 관한 법률 제7조의3(불법촬영물로 인한 피해자에 대한 지원 등) 개정
정보통신망 이용촉진 및 정보보호 등에 관한 법률 제49조의3(속이는 행위에 의한 정보의 수집금지 등) 개정
